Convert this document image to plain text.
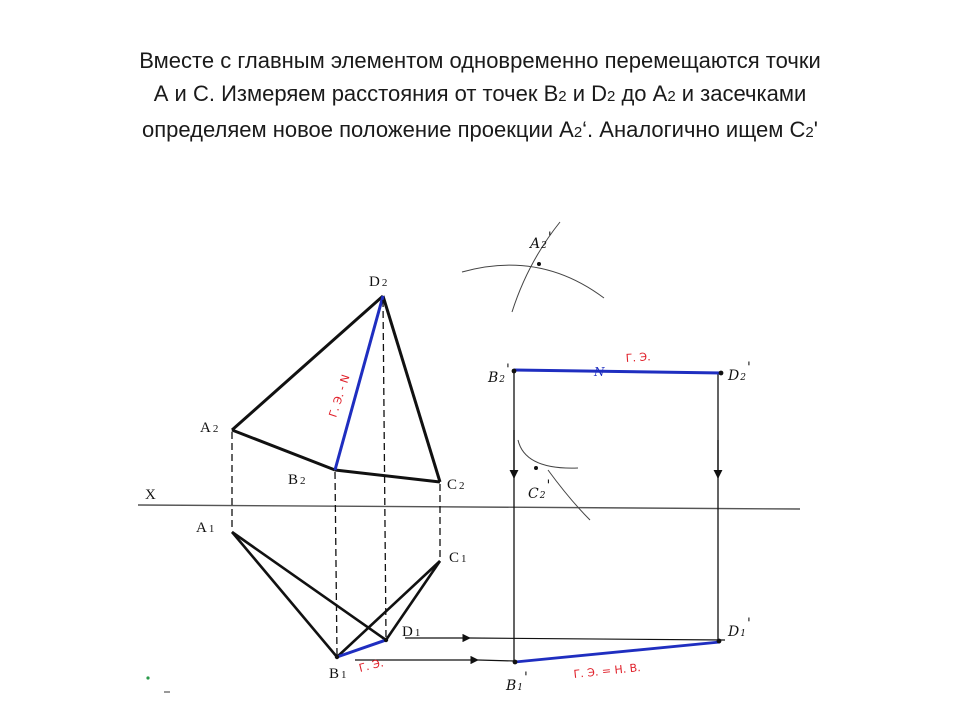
Вместе с главным элементом одновременно перемещаются точки
А и С. Измеряем расстояния от точек В2 и D2 до А2 и засечками
определяем новое положение проекции А2‘. Аналогично ищем С2'
X
D 2
A 2
B 2	C 2
A 1
C 1
D 1
B 1
A2'
B2'	D2'
C2'
D1'
B1'
Г. Э.
Г. Э. - N
Г. Э. = Н. В.
Г. Э.
N
